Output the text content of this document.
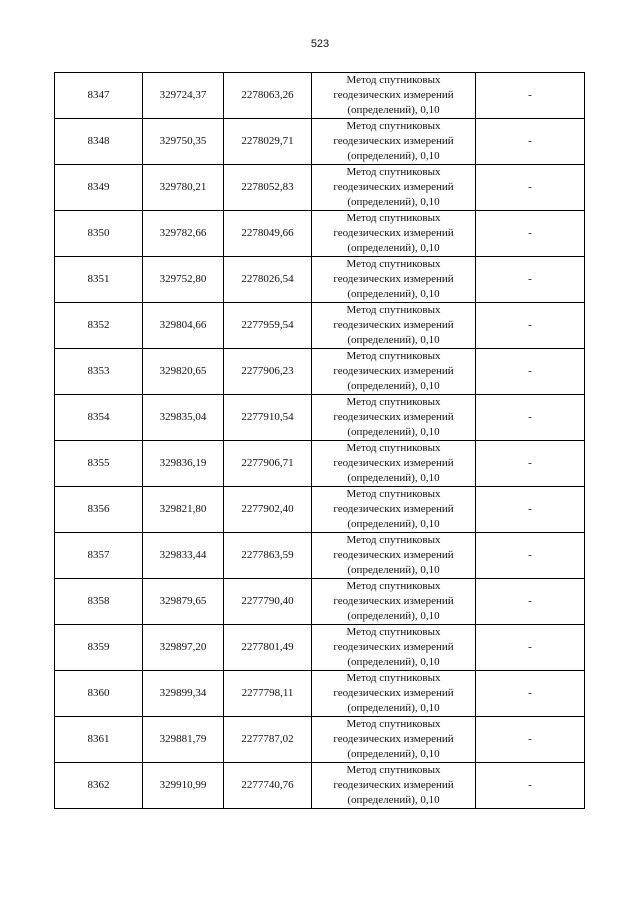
523
8347	329724,37	2278063,26	Метод спутниковых
геодезических измерений
(определений), 0,10	-
8348	329750,35	2278029,71	Метод спутниковых
геодезических измерений
(определений), 0,10	-
8349	329780,21	2278052,83	Метод спутниковых
геодезических измерений
(определений), 0,10	-
8350	329782,66	2278049,66	Метод спутниковых
геодезических измерений
(определений), 0,10	-
8351	329752,80	2278026,54	Метод спутниковых
геодезических измерений
(определений), 0,10	-
8352	329804,66	2277959,54	Метод спутниковых
геодезических измерений
(определений), 0,10	-
8353	329820,65	2277906,23	Метод спутниковых
геодезических измерений
(определений), 0,10	-
8354	329835,04	2277910,54	Метод спутниковых
геодезических измерений
(определений), 0,10	-
8355	329836,19	2277906,71	Метод спутниковых
геодезических измерений
(определений), 0,10	-
8356	329821,80	2277902,40	Метод спутниковых
геодезических измерений
(определений), 0,10	-
8357	329833,44	2277863,59	Метод спутниковых
геодезических измерений
(определений), 0,10	-
8358	329879,65	2277790,40	Метод спутниковых
геодезических измерений
(определений), 0,10	-
8359	329897,20	2277801,49	Метод спутниковых
геодезических измерений
(определений), 0,10	-
8360	329899,34	2277798,11	Метод спутниковых
геодезических измерений
(определений), 0,10	-
8361	329881,79	2277787,02	Метод спутниковых
геодезических измерений
(определений), 0,10	-
8362	329910,99	2277740,76	Метод спутниковых
геодезических измерений
(определений), 0,10	-
